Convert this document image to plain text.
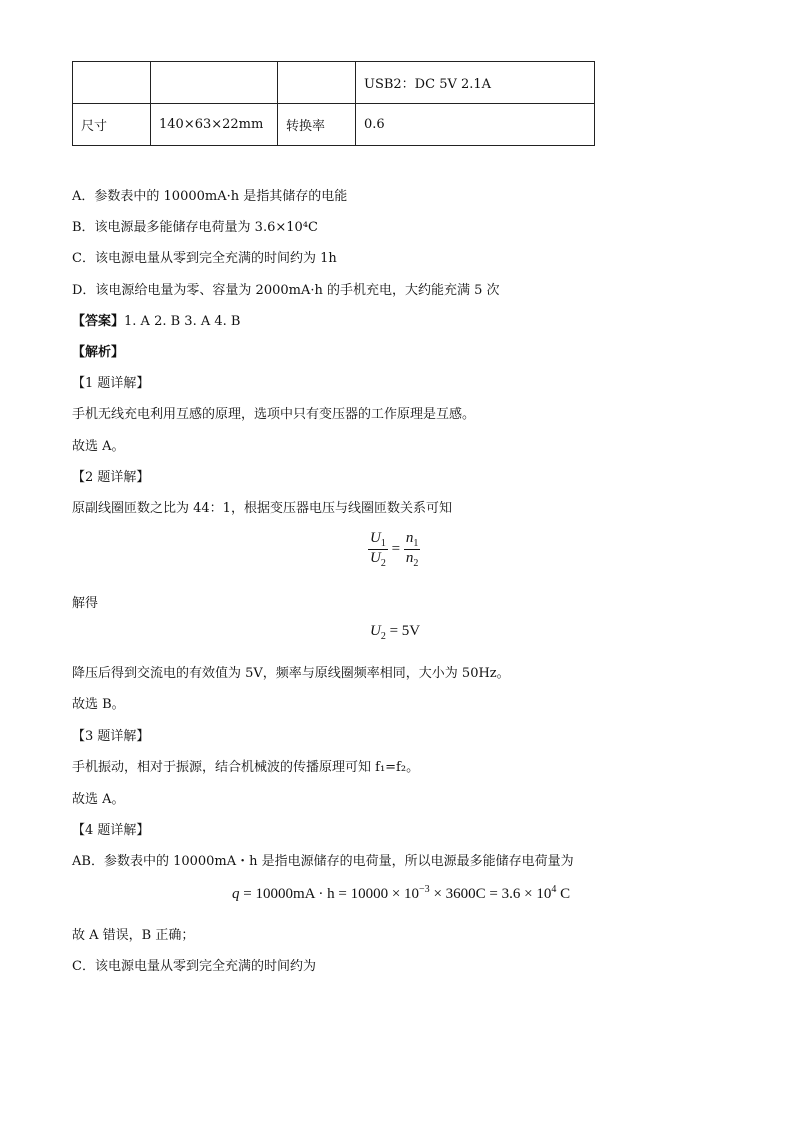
			USB2：DC 5V 2.1A
尺寸	140×63×22mm	转换率	0.6
A．参数表中的 10000mA·h 是指其储存的电能
B．该电源最多能储存电荷量为 3.6×10⁴C
C．该电源电量从零到完全充满的时间约为 1h
D．该电源给电量为零、容量为 2000mA·h 的手机充电，大约能充满 5 次
【答案】1. A 2. B 3. A 4. B
【解析】
【1 题详解】
手机无线充电利用互感的原理，选项中只有变压器的工作原理是互感。
故选 A。
【2 题详解】
原副线圈匝数之比为 44：1，根据变压器电压与线圈匝数关系可知
$\frac{U_1}{U_2} = \frac{n_1}{n_2}$
解得
$U_2 = 5V$
降压后得到交流电的有效值为 5V，频率与原线圈频率相同，大小为 50Hz。
故选 B。
【3 题详解】
手机振动，相对于振源，结合机械波的传播原理可知 f₁=f₂。
故选 A。
【4 题详解】
AB．参数表中的 10000mA・h 是指电源储存的电荷量，所以电源最多能储存电荷量为
$q = 10000mA \cdot h = 10000 \times 10^{-3} \times 3600C = 3.6 \times 10^4$ C
故 A 错误，B 正确；
C．该电源电量从零到完全充满的时间约为
